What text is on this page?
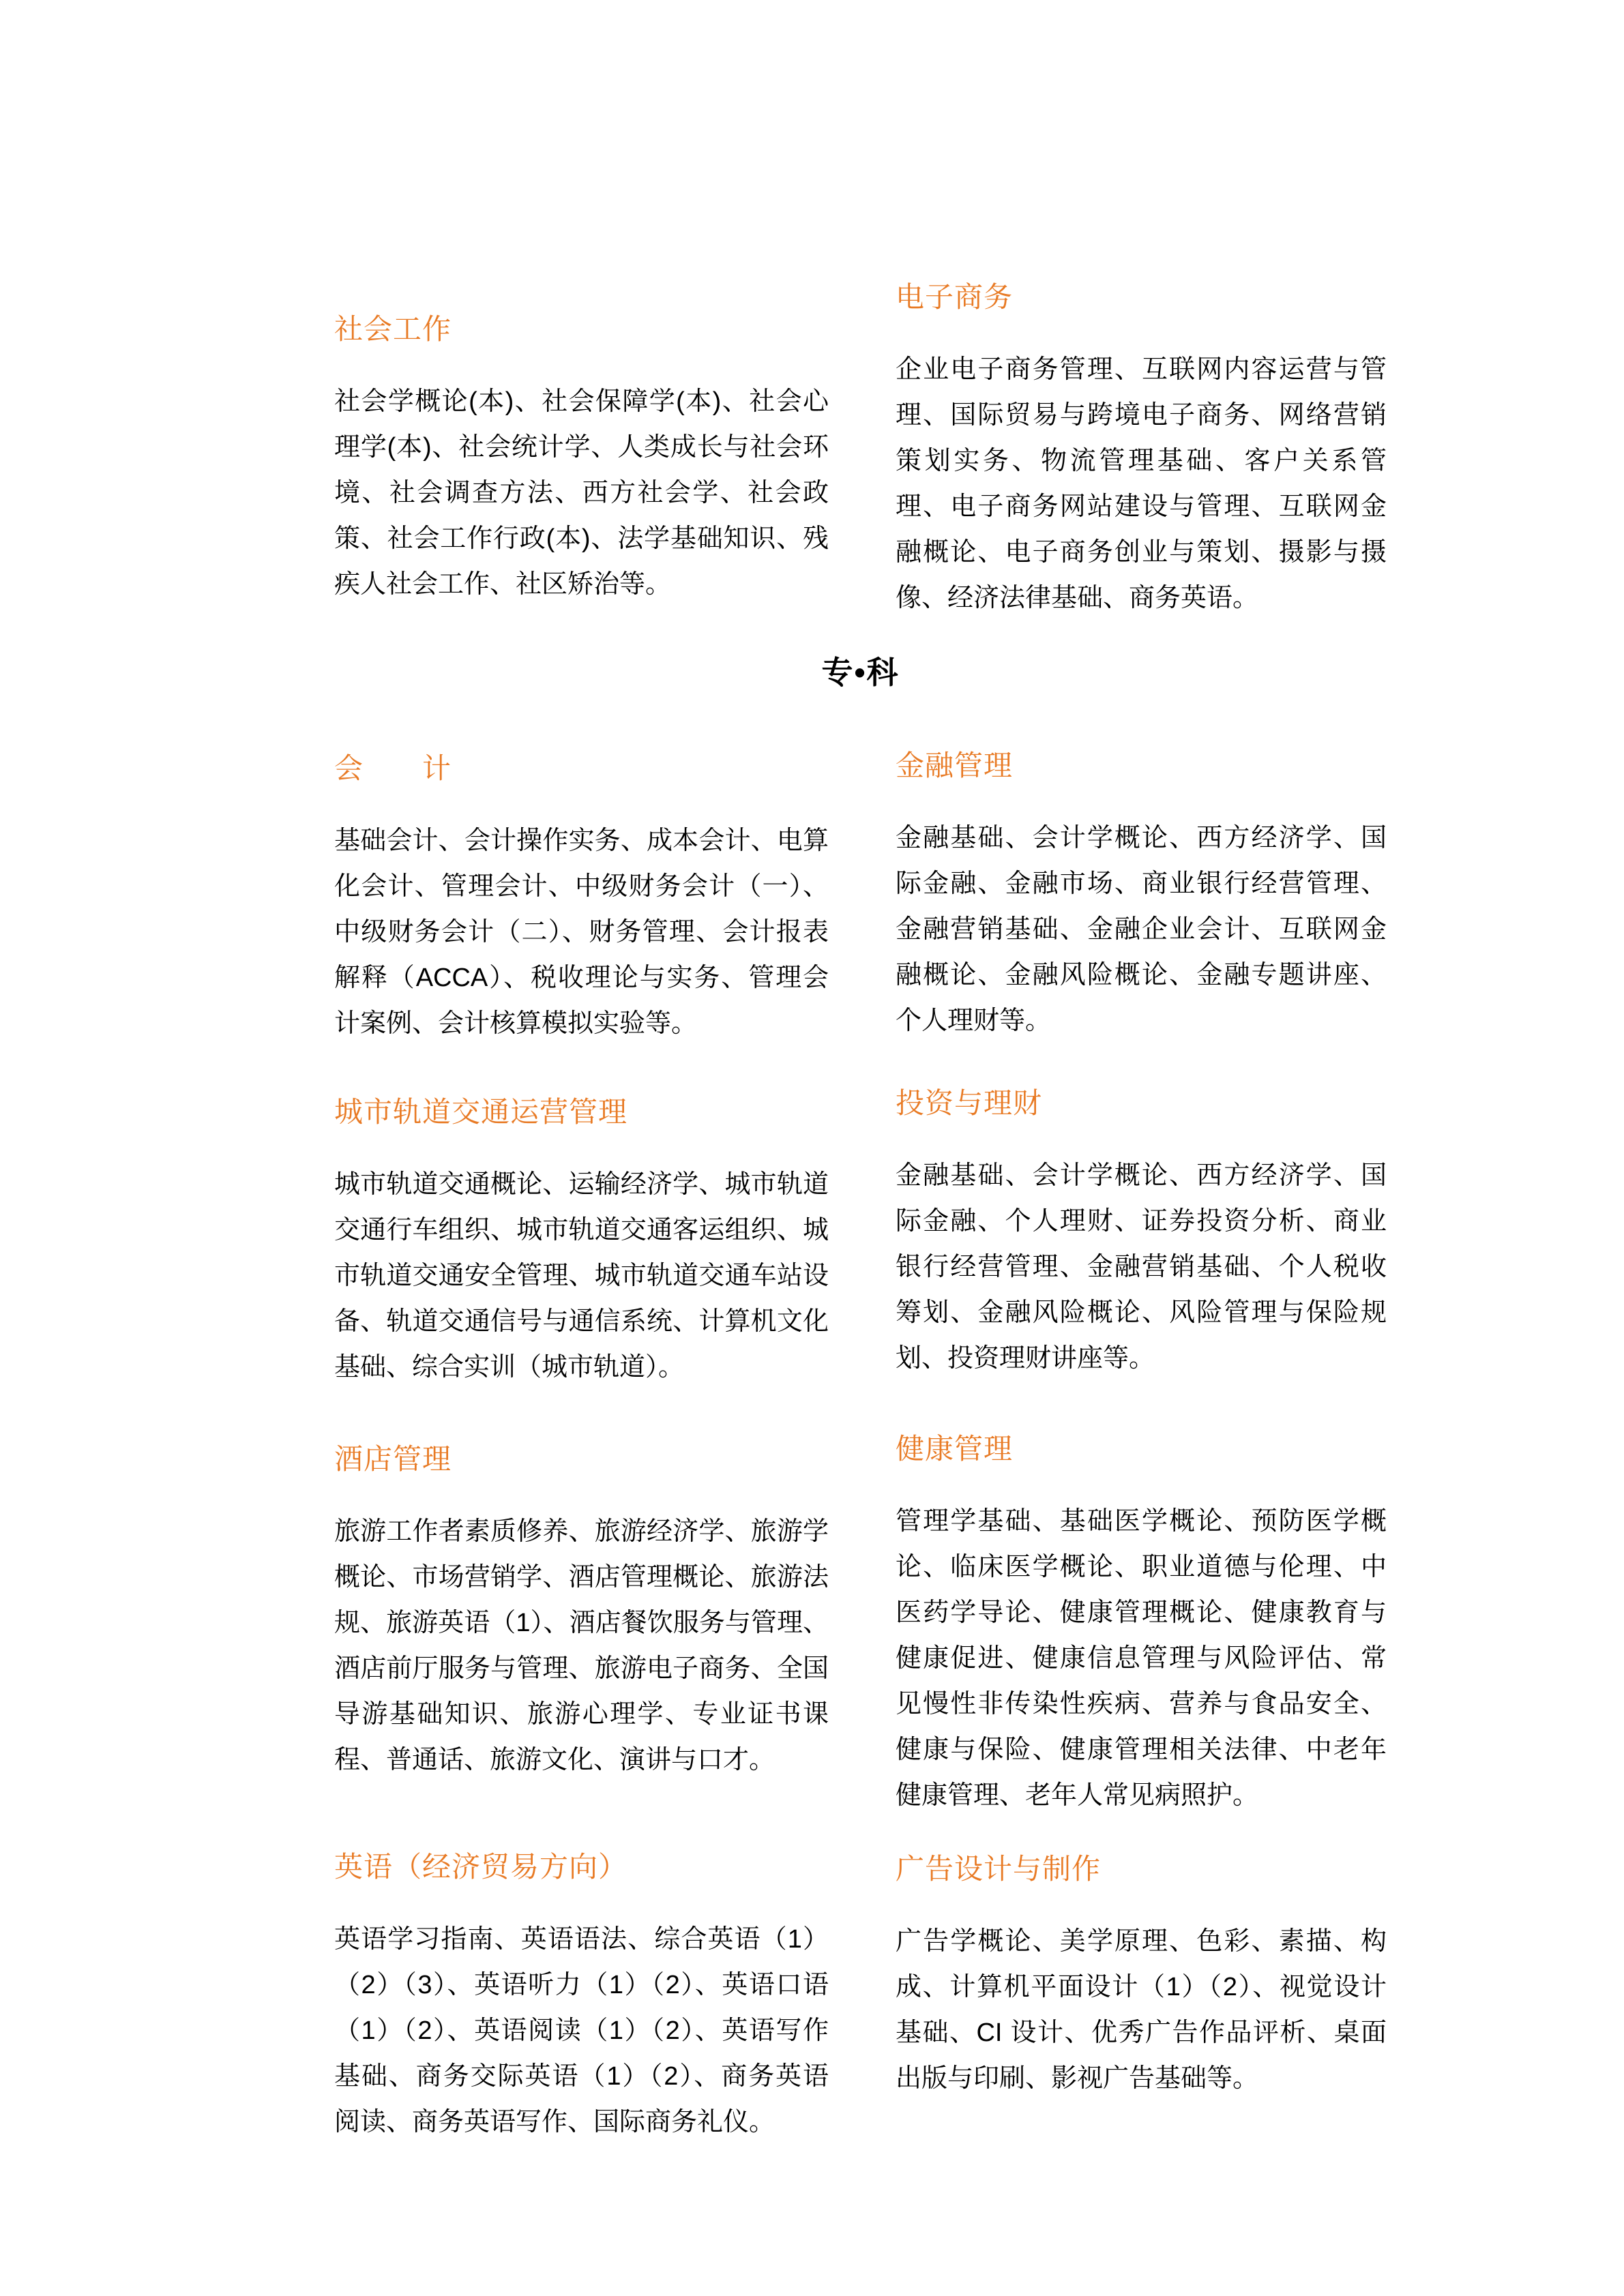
社会工作

社会学概论(本)、社会保障学(本)、社会心理学(本)、社会统计学、人类成长与社会环境、社会调查方法、西方社会学、社会政策、社会工作行政(本)、法学基础知识、残疾人社会工作、社区矫治等。

电子商务

企业电子商务管理、互联网内容运营与管理、国际贸易与跨境电子商务、网络营销策划实务、物流管理基础、客户关系管理、电子商务网站建设与管理、互联网金融概论、电子商务创业与策划、摄影与摄像、经济法律基础、商务英语。

专•科
会　　计

基础会计、会计操作实务、成本会计、电算化会计、管理会计、中级财务会计（一）、中级财务会计（二）、财务管理、会计报表解释（ACCA）、税收理论与实务、管理会计案例、会计核算模拟实验等。

金融管理

金融基础、会计学概论、西方经济学、国际金融、金融市场、商业银行经营管理、金融营销基础、金融企业会计、互联网金融概论、金融风险概论、金融专题讲座、个人理财等。

城市轨道交通运营管理

城市轨道交通概论、运输经济学、城市轨道交通行车组织、城市轨道交通客运组织、城市轨道交通安全管理、城市轨道交通车站设备、轨道交通信号与通信系统、计算机文化基础、综合实训（城市轨道）。

投资与理财

金融基础、会计学概论、西方经济学、国际金融、个人理财、证券投资分析、商业银行经营管理、金融营销基础、个人税收筹划、金融风险概论、风险管理与保险规划、投资理财讲座等。

酒店管理

旅游工作者素质修养、旅游经济学、旅游学概论、市场营销学、酒店管理概论、旅游法规、旅游英语（1）、酒店餐饮服务与管理、酒店前厅服务与管理、旅游电子商务、全国导游基础知识、旅游心理学、专业证书课程、普通话、旅游文化、演讲与口才。

健康管理

管理学基础、基础医学概论、预防医学概论、临床医学概论、职业道德与伦理、中医药学导论、健康管理概论、健康教育与健康促进、健康信息管理与风险评估、常见慢性非传染性疾病、营养与食品安全、健康与保险、健康管理相关法律、中老年健康管理、老年人常见病照护。

英语（经济贸易方向）

英语学习指南、英语语法、综合英语（1）（2）（3）、英语听力（1）（2）、英语口语（1）（2）、英语阅读（1）（2）、英语写作基础、商务交际英语（1）（2）、商务英语阅读、商务英语写作、国际商务礼仪。

广告设计与制作

广告学概论、美学原理、色彩、素描、构成、计算机平面设计（1）（2）、视觉设计基础、CI 设计、优秀广告作品评析、桌面出版与印刷、影视广告基础等。
